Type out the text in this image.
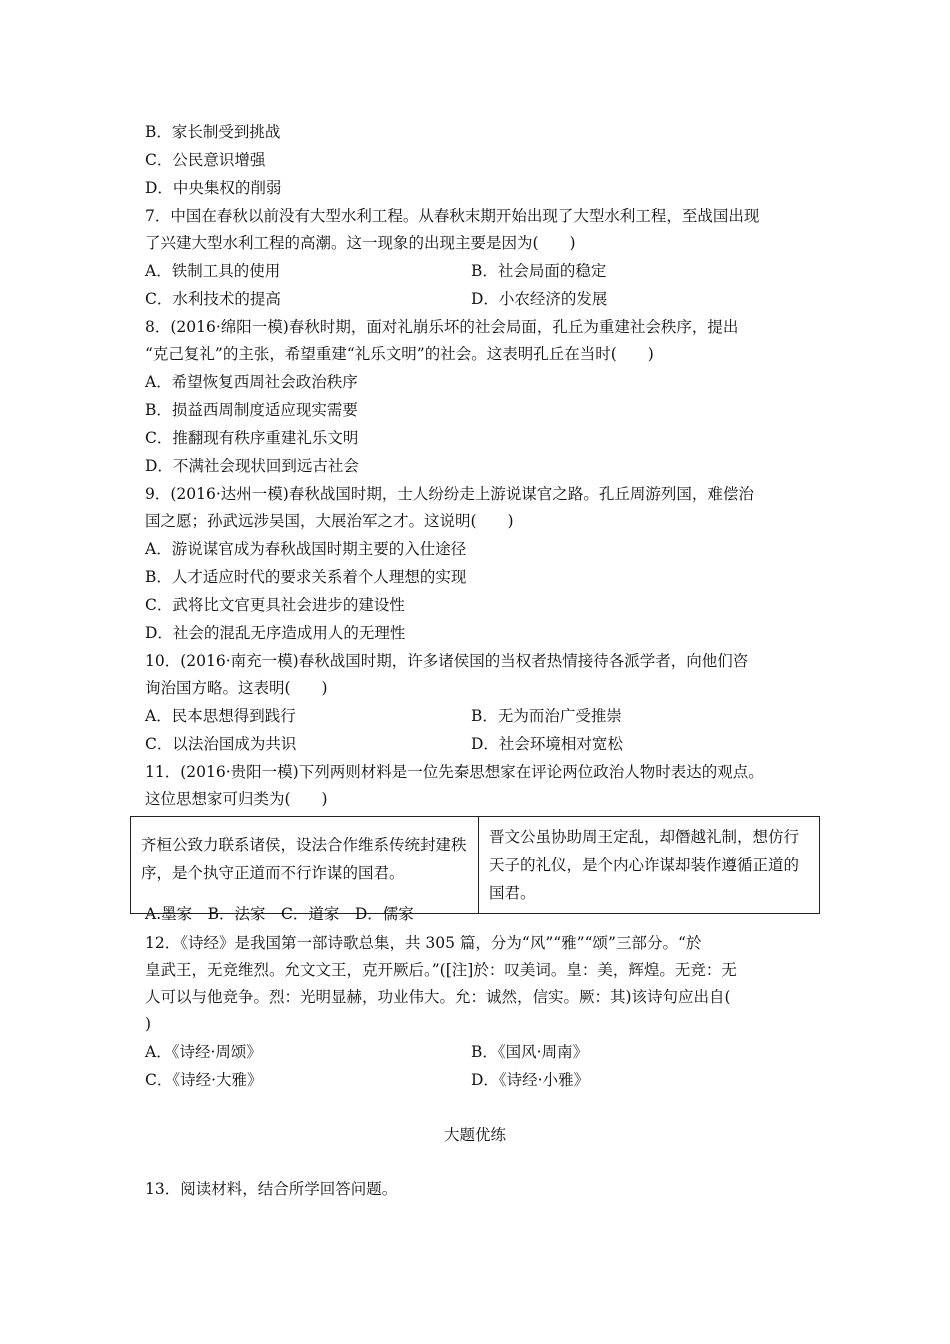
B．家长制受到挑战
C．公民意识增强
D．中央集权的削弱
7．中国在春秋以前没有大型水利工程。从春秋末期开始出现了大型水利工程，至战国出现
了兴建大型水利工程的高潮。这一现象的出现主要是因为(　　)
A．铁制工具的使用	B．社会局面的稳定
C．水利技术的提高	D．小农经济的发展
8．(2016·绵阳一模)春秋时期，面对礼崩乐坏的社会局面，孔丘为重建社会秩序，提出
“克己复礼”的主张，希望重建“礼乐文明”的社会。这表明孔丘在当时(　　)
A．希望恢复西周社会政治秩序
B．损益西周制度适应现实需要
C．推翻现有秩序重建礼乐文明
D．不满社会现状回到远古社会
9．(2016·达州一模)春秋战国时期，士人纷纷走上游说谋官之路。孔丘周游列国，难偿治
国之愿；孙武远涉吴国，大展治军之才。这说明(　　)
A．游说谋官成为春秋战国时期主要的入仕途径
B．人才适应时代的要求关系着个人理想的实现
C．武将比文官更具社会进步的建设性
D．社会的混乱无序造成用人的无理性
10．(2016·南充一模)春秋战国时期，许多诸侯国的当权者热情接待各派学者，向他们咨
询治国方略。这表明(　　)
A．民本思想得到践行	B．无为而治广受推崇
C．以法治国成为共识	D．社会环境相对宽松
11．(2016·贵阳一模)下列两则材料是一位先秦思想家在评论两位政治人物时表达的观点。
这位思想家可归类为(　　)
齐桓公致力联系诸侯，设法合作维系传统封建秩序，是个执守正道而不行诈谋的国君。	晋文公虽协助周王定乱，却僭越礼制，想仿行天子的礼仪，是个内心诈谋却装作遵循正道的国君。
A.墨家　B．法家　C．道家　D．儒家
12．《诗经》是我国第一部诗歌总集，共 305 篇，分为“风”“雅”“颂”三部分。“於
皇武王，无竞维烈。允文文王，克开厥后。”([注]於：叹美词。皇：美，辉煌。无竞：无
人可以与他竞争。烈：光明显赫，功业伟大。允：诚然，信实。厥：其)该诗句应出自(
)
A．《诗经·周颂》	B．《国风·周南》
C．《诗经·大雅》	D．《诗经·小雅》
大题优练
13．阅读材料，结合所学回答问题。
